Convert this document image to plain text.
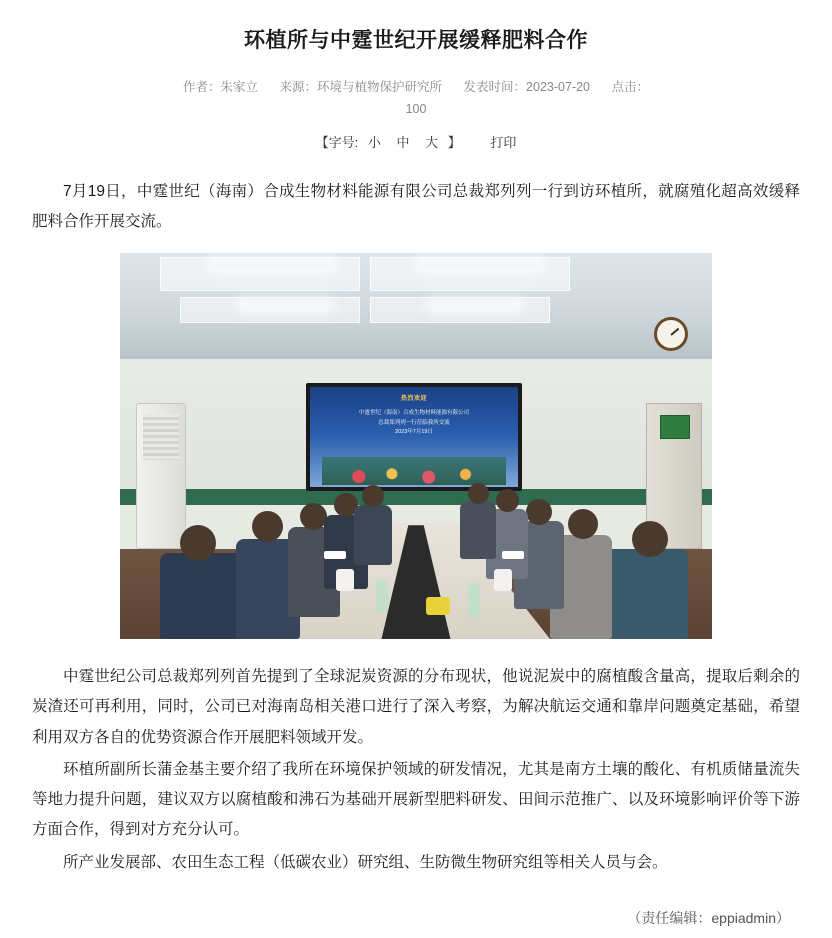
环植所与中霆世纪开展缓释肥料合作
作者：朱家立 来源：环境与植物保护研究所 发表时间：2023-07-20 点击：
100
【字号: 小 中 大 】 打印

7月19日，中霆世纪（海南）合成生物材料能源有限公司总裁郑列列一行到访环植所，就腐殖化超高效缓释肥料合作开展交流。

热烈欢迎
中霆世纪（海南）合成生物材料能源有限公司
总裁郑列列一行莅临我所交流
2023年7月19日

中霆世纪公司总裁郑列列首先提到了全球泥炭资源的分布现状，他说泥炭中的腐植酸含量高，提取后剩余的炭渣还可再利用，同时，公司已对海南岛相关港口进行了深入考察，为解决航运交通和靠岸问题奠定基础，希望利用双方各自的优势资源合作开展肥料领域开发。

环植所副所长蒲金基主要介绍了我所在环境保护领域的研发情况，尤其是南方土壤的酸化、有机质储量流失等地力提升问题，建议双方以腐植酸和沸石为基础开展新型肥料研发、田间示范推广、以及环境影响评价等下游方面合作，得到对方充分认可。

所产业发展部、农田生态工程（低碳农业）研究组、生防微生物研究组等相关人员与会。

（责任编辑：eppiadmin）
